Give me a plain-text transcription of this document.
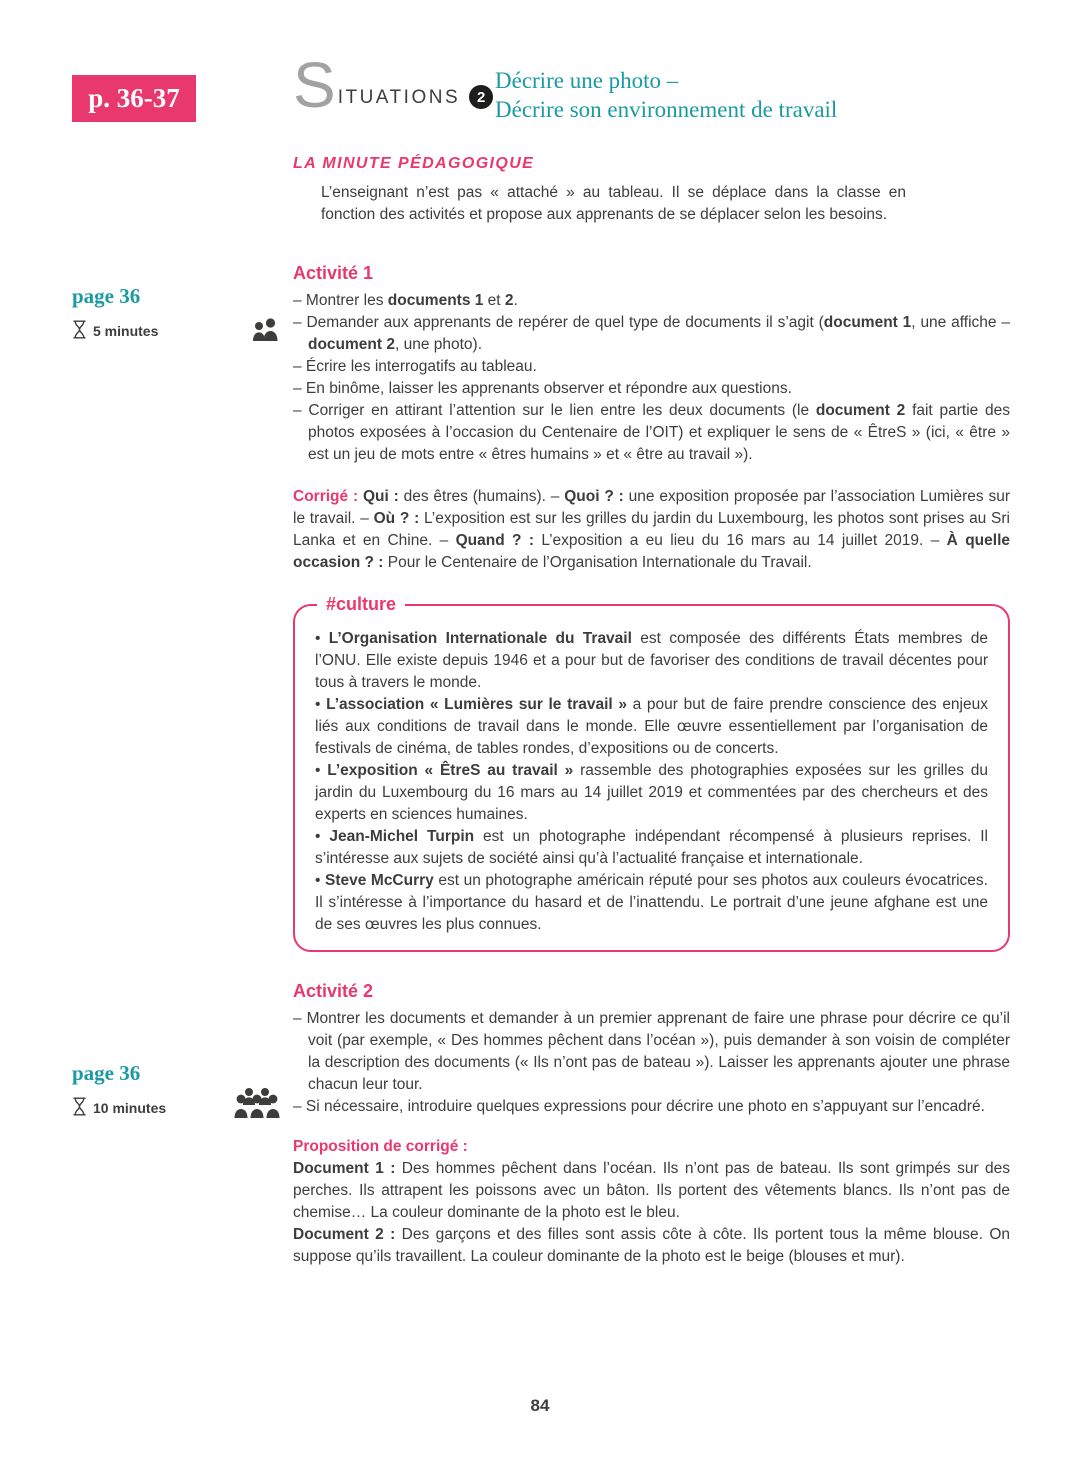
p. 36-37 S ITUATIONS	2
Décrire une photo –
Décrire son environnement de travail
page 36
5 minutes
page 36
10 minutes
LA MINUTE PÉDAGOGIQUE

L’enseignant n’est pas « attaché » au tableau. Il se déplace dans la classe en fonction des activités et propose aux apprenants de se déplacer selon les besoins.

Activité 1

– Montrer les documents 1 et 2.

– Demander aux apprenants de repérer de quel type de documents il s’agit (document 1, une affiche – document 2, une photo).

– Écrire les interrogatifs au tableau.

– En binôme, laisser les apprenants observer et répondre aux questions.

– Corriger en attirant l’attention sur le lien entre les deux documents (le document 2 fait partie des photos exposées à l’occasion du Centenaire de l’OIT) et expliquer le sens de « ÊtreS » (ici, « être » est un jeu de mots entre « êtres humains » et « être au travail »).

Corrigé : Qui : des êtres (humains). – Quoi ? : une exposition proposée par l’association Lumières sur le travail. – Où ? : L’exposition est sur les grilles du jardin du Luxembourg, les photos sont prises au Sri Lanka et en Chine. – Quand ? : L’exposition a eu lieu du 16 mars au 14 juillet 2019. – À quelle occasion ? : Pour le Centenaire de l’Organisation Internationale du Travail.

#culture

• L’Organisation Internationale du Travail est composée des différents États membres de l’ONU. Elle existe depuis 1946 et a pour but de favoriser des conditions de travail décentes pour tous à travers le monde.

• L’association « Lumières sur le travail » a pour but de faire prendre conscience des enjeux liés aux conditions de travail dans le monde. Elle œuvre essentiellement par l’organisation de festivals de cinéma, de tables rondes, d’expositions ou de concerts.

• L’exposition « ÊtreS au travail » rassemble des photographies exposées sur les grilles du jardin du Luxembourg du 16 mars au 14 juillet 2019 et commentées par des chercheurs et des experts en sciences humaines.

• Jean-Michel Turpin est un photographe indépendant récompensé à plusieurs reprises. Il s’intéresse aux sujets de société ainsi qu’à l’actualité française et internationale.

• Steve McCurry est un photographe américain réputé pour ses photos aux couleurs évocatrices. Il s’intéresse à l’importance du hasard et de l’inattendu. Le portrait d’une jeune afghane est une de ses œuvres les plus connues.

Activité 2

– Montrer les documents et demander à un premier apprenant de faire une phrase pour décrire ce qu’il voit (par exemple, « Des hommes pêchent dans l’océan »), puis demander à son voisin de compléter la description des documents (« Ils n’ont pas de bateau »). Laisser les apprenants ajouter une phrase chacun leur tour.

– Si nécessaire, introduire quelques expressions pour décrire une photo en s’appuyant sur l’encadré.

Proposition de corrigé :

Document 1 : Des hommes pêchent dans l’océan. Ils n’ont pas de bateau. Ils sont grimpés sur des perches. Ils attrapent les poissons avec un bâton. Ils portent des vêtements blancs. Ils n’ont pas de chemise… La couleur dominante de la photo est le bleu.

Document 2 : Des garçons et des filles sont assis côte à côte. Ils portent tous la même blouse. On suppose qu’ils travaillent. La couleur dominante de la photo est le beige (blouses et mur).

84
